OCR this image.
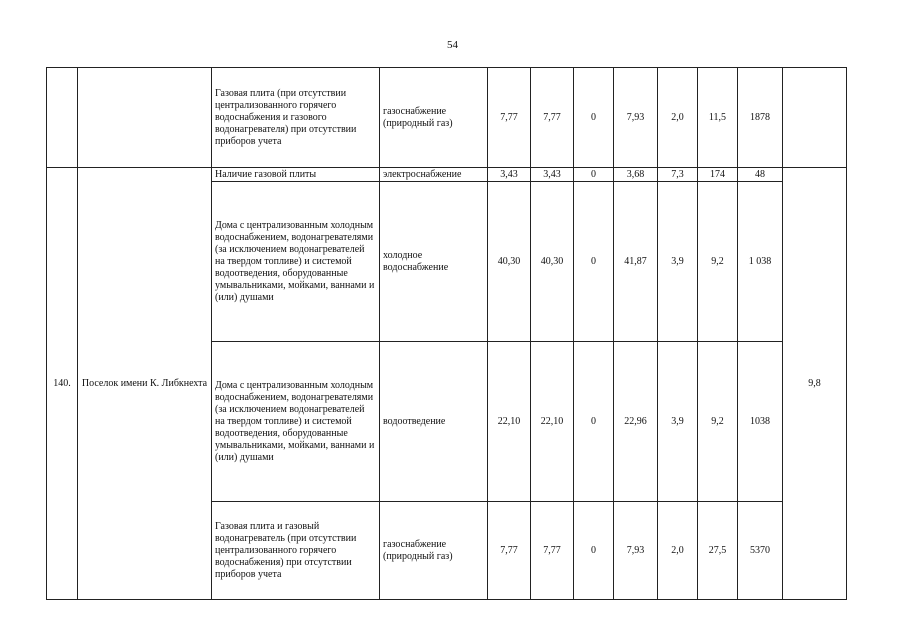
54
		Газовая плита (при отсутствии централизованного горячего водоснабжения и газового водонагревателя) при отсутствии приборов учета	газоснабжение (природный газ)	7,77	7,77	0	7,93	2,0	11,5	1878	
140.	Поселок имени К. Либкнехта	Наличие газовой плиты	электроснабжение	3,43	3,43	0	3,68	7,3	174	48	9,8
		Дома с централизованным холодным водоснабжением, водонагревателями (за исключением водонагревателей на твердом топливе) и системой водоотведения, оборудованные умывальниками, мойками, ваннами и (или) душами	холодное водоснабжение	40,30	40,30	0	41,87	3,9	9,2	1 038	
		Дома с централизованным холодным водоснабжением, водонагревателями (за исключением водонагревателей на твердом топливе) и системой водоотведения, оборудованные умывальниками, мойками, ваннами и (или) душами	водоотведение	22,10	22,10	0	22,96	3,9	9,2	1038	
		Газовая плита и газовый водонагреватель (при отсутствии централизованного горячего водоснабжения) при отсутствии приборов учета	газоснабжение (природный газ)	7,77	7,77	0	7,93	2,0	27,5	5370	
